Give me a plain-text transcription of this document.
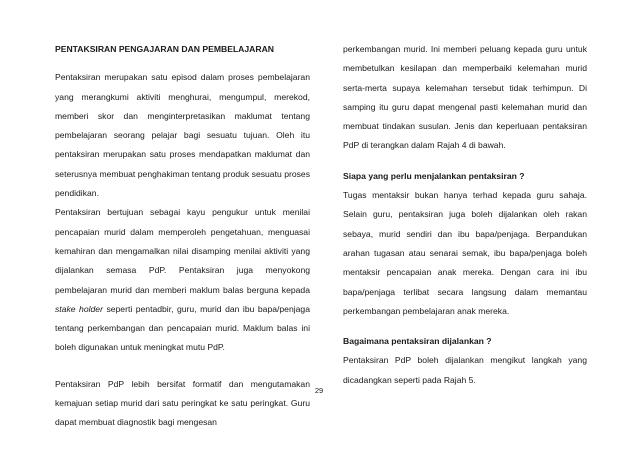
PENTAKSIRAN PENGAJARAN DAN PEMBELAJARAN

Pentaksiran merupakan satu episod dalam proses pembelajaran yang merangkumi aktiviti menghurai, mengumpul, merekod, memberi skor dan menginterpretasikan maklumat tentang pembelajaran seorang pelajar bagi sesuatu tujuan. Oleh itu pentaksiran merupakan satu proses mendapatkan maklumat dan seterusnya membuat penghakiman tentang produk sesuatu proses pendidikan.

Pentaksiran bertujuan sebagai kayu pengukur untuk menilai pencapaian murid dalam memperoleh pengetahuan, menguasai kemahiran dan mengamalkan nilai disamping menilai aktiviti yang dijalankan semasa PdP. Pentaksiran juga menyokong pembelajaran murid dan memberi maklum balas berguna kepada stake holder seperti pentadbir, guru, murid dan ibu bapa/penjaga tentang perkembangan dan pencapaian murid. Maklum balas ini boleh digunakan untuk meningkat mutu PdP.

Pentaksiran PdP lebih bersifat formatif dan mengutamakan kemajuan setiap murid dari satu peringkat ke satu peringkat. Guru dapat membuat diagnostik bagi mengesan

perkembangan murid. Ini memberi peluang kepada guru untuk membetulkan kesilapan dan memperbaiki kelemahan murid serta-merta supaya kelemahan tersebut tidak terhimpun. Di samping itu guru dapat mengenal pasti kelemahan murid dan membuat tindakan susulan. Jenis dan keperluaan pentaksiran PdP di terangkan dalam Rajah 4 di bawah.

Siapa yang perlu menjalankan pentaksiran ?

Tugas mentaksir bukan hanya terhad kepada guru sahaja. Selain guru, pentaksiran juga boleh dijalankan oleh rakan sebaya, murid sendiri dan ibu bapa/penjaga. Berpandukan arahan tugasan atau senarai semak, ibu bapa/penjaga boleh mentaksir pencapaian anak mereka. Dengan cara ini ibu bapa/penjaga terlibat secara langsung dalam memantau perkembangan pembelajaran anak mereka.

Bagaimana pentaksiran dijalankan ?

Pentaksiran PdP boleh dijalankan mengikut langkah yang dicadangkan seperti pada Rajah 5.

29
